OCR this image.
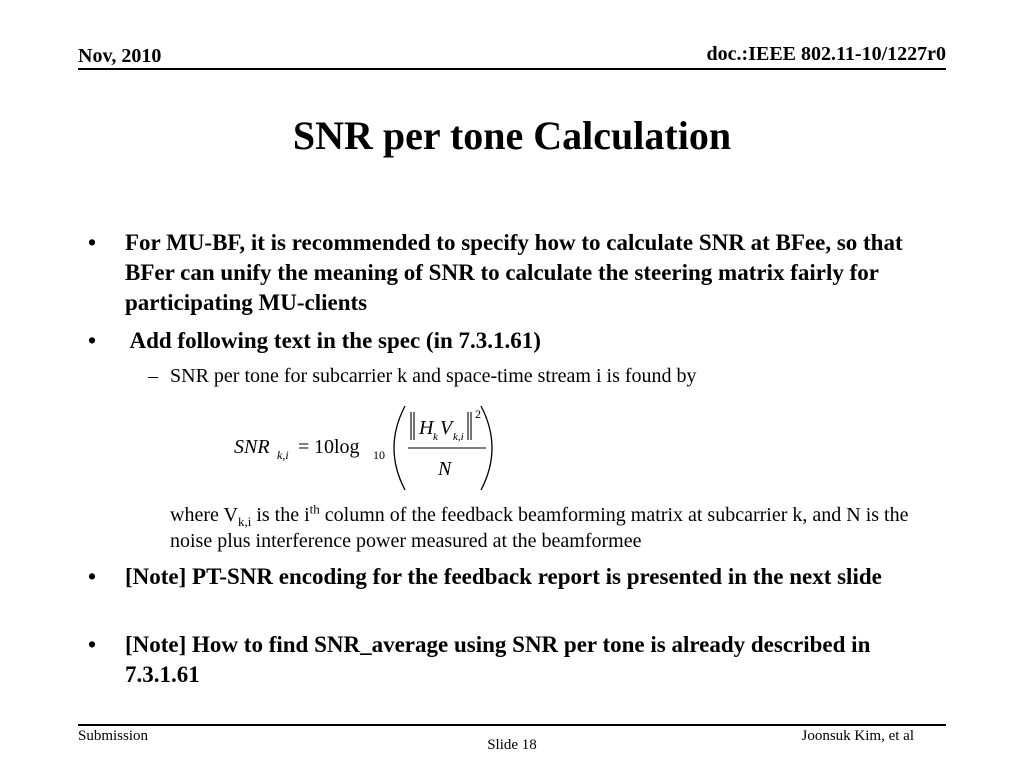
Nov, 2010	doc.:IEEE 802.11-10/1227r0
SNR per tone Calculation
• For MU-BF, it is recommended to specify how to calculate SNR at BFee, so that BFer can unify the meaning of SNR to calculate the steering matrix fairly for participating MU-clients
• Add following text in the spec (in 7.3.1.61)
– SNR per tone for subcarrier k and space-time stream i is found by
SNR k,i = 10log 10
H k V k,i
2
N
where $V_{k,i}$ is the $i^{th}$ column of the feedback beamforming matrix at subcarrier k, and N is the noise plus interference power measured at the beamformee
• [Note] PT-SNR encoding for the feedback report is presented in the next slide
• [Note] How to find SNR_average using SNR per tone is already described in 7.3.1.61
Submission
Slide 18
Joonsuk Kim, et al
